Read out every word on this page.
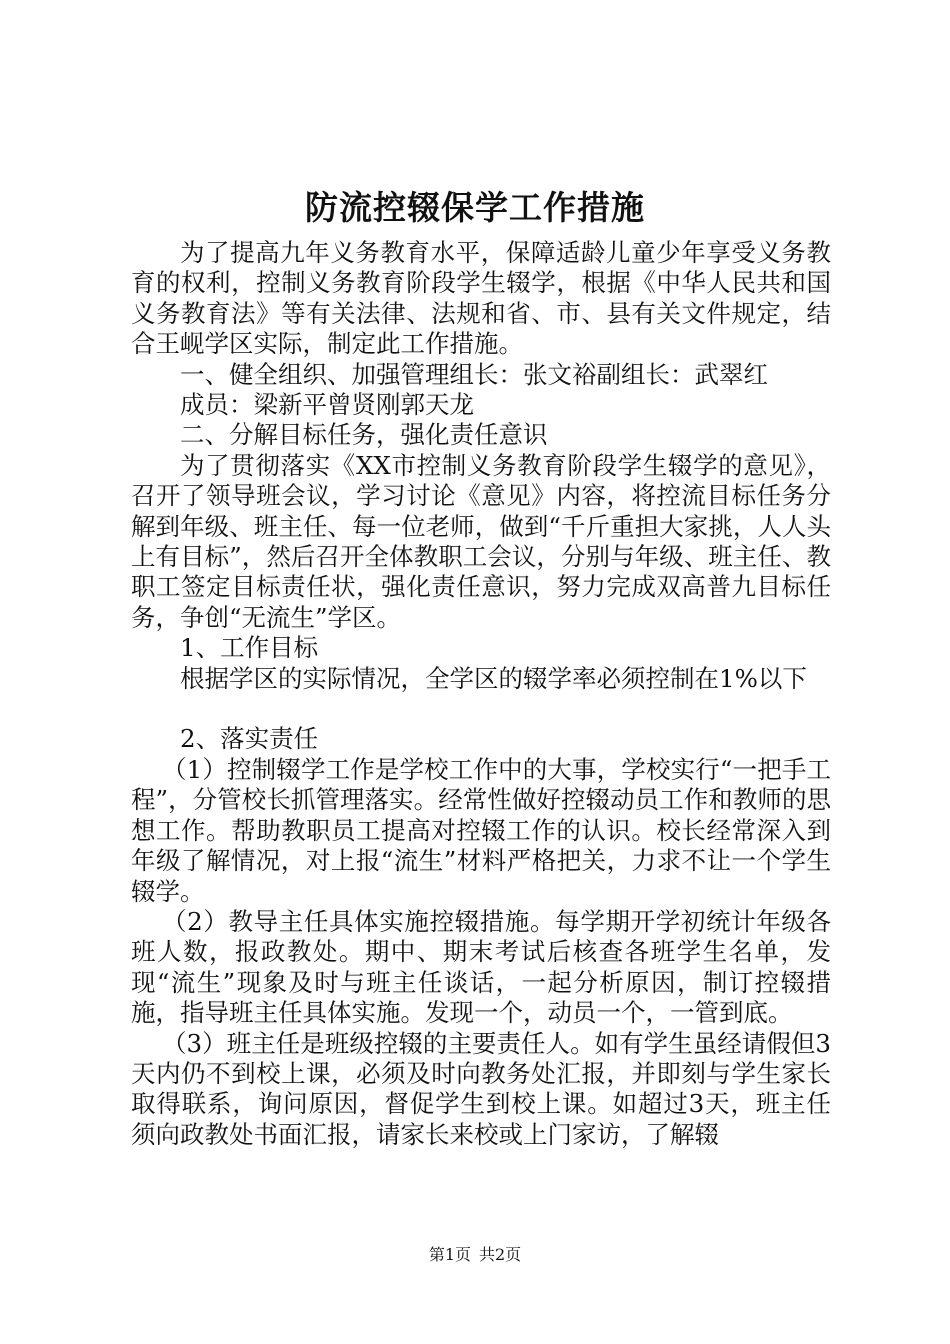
防流控辍保学工作措施

为了提高九年义务教育水平，保障适龄儿童少年享受义务教育的权利，控制义务教育阶段学生辍学，根据《中华人民共和国义务教育法》等有关法律、法规和省、市、县有关文件规定，结合王岘学区实际，制定此工作措施。

一、健全组织、加强管理组长：张文裕副组长：武翠红

成员：梁新平曾贤刚郭天龙

二、分解目标任务，强化责任意识

为了贯彻落实《XX市控制义务教育阶段学生辍学的意见》，召开了领导班会议，学习讨论《意见》内容，将控流目标任务分解到年级、班主任、每一位老师，做到“千斤重担大家挑，人人头上有目标”，然后召开全体教职工会议，分别与年级、班主任、教职工签定目标责任状，强化责任意识，努力完成双高普九目标任务，争创“无流生”学区。

1、工作目标

根据学区的实际情况，全学区的辍学率必须控制在1%以下

2、落实责任

（1）控制辍学工作是学校工作中的大事，学校实行“一把手工程”，分管校长抓管理落实。经常性做好控辍动员工作和教师的思想工作。帮助教职员工提高对控辍工作的认识。校长经常深入到年级了解情况，对上报“流生”材料严格把关，力求不让一个学生辍学。

（2）教导主任具体实施控辍措施。每学期开学初统计年级各班人数，报政教处。期中、期末考试后核查各班学生名单，发现“流生”现象及时与班主任谈话，一起分析原因，制订控辍措施，指导班主任具体实施。发现一个，动员一个，一管到底。

（3）班主任是班级控辍的主要责任人。如有学生虽经请假但3天内仍不到校上课，必须及时向教务处汇报，并即刻与学生家长取得联系，询问原因，督促学生到校上课。如超过3天，班主任须向政教处书面汇报，请家长来校或上门家访，了解辍

第1页 共2页
